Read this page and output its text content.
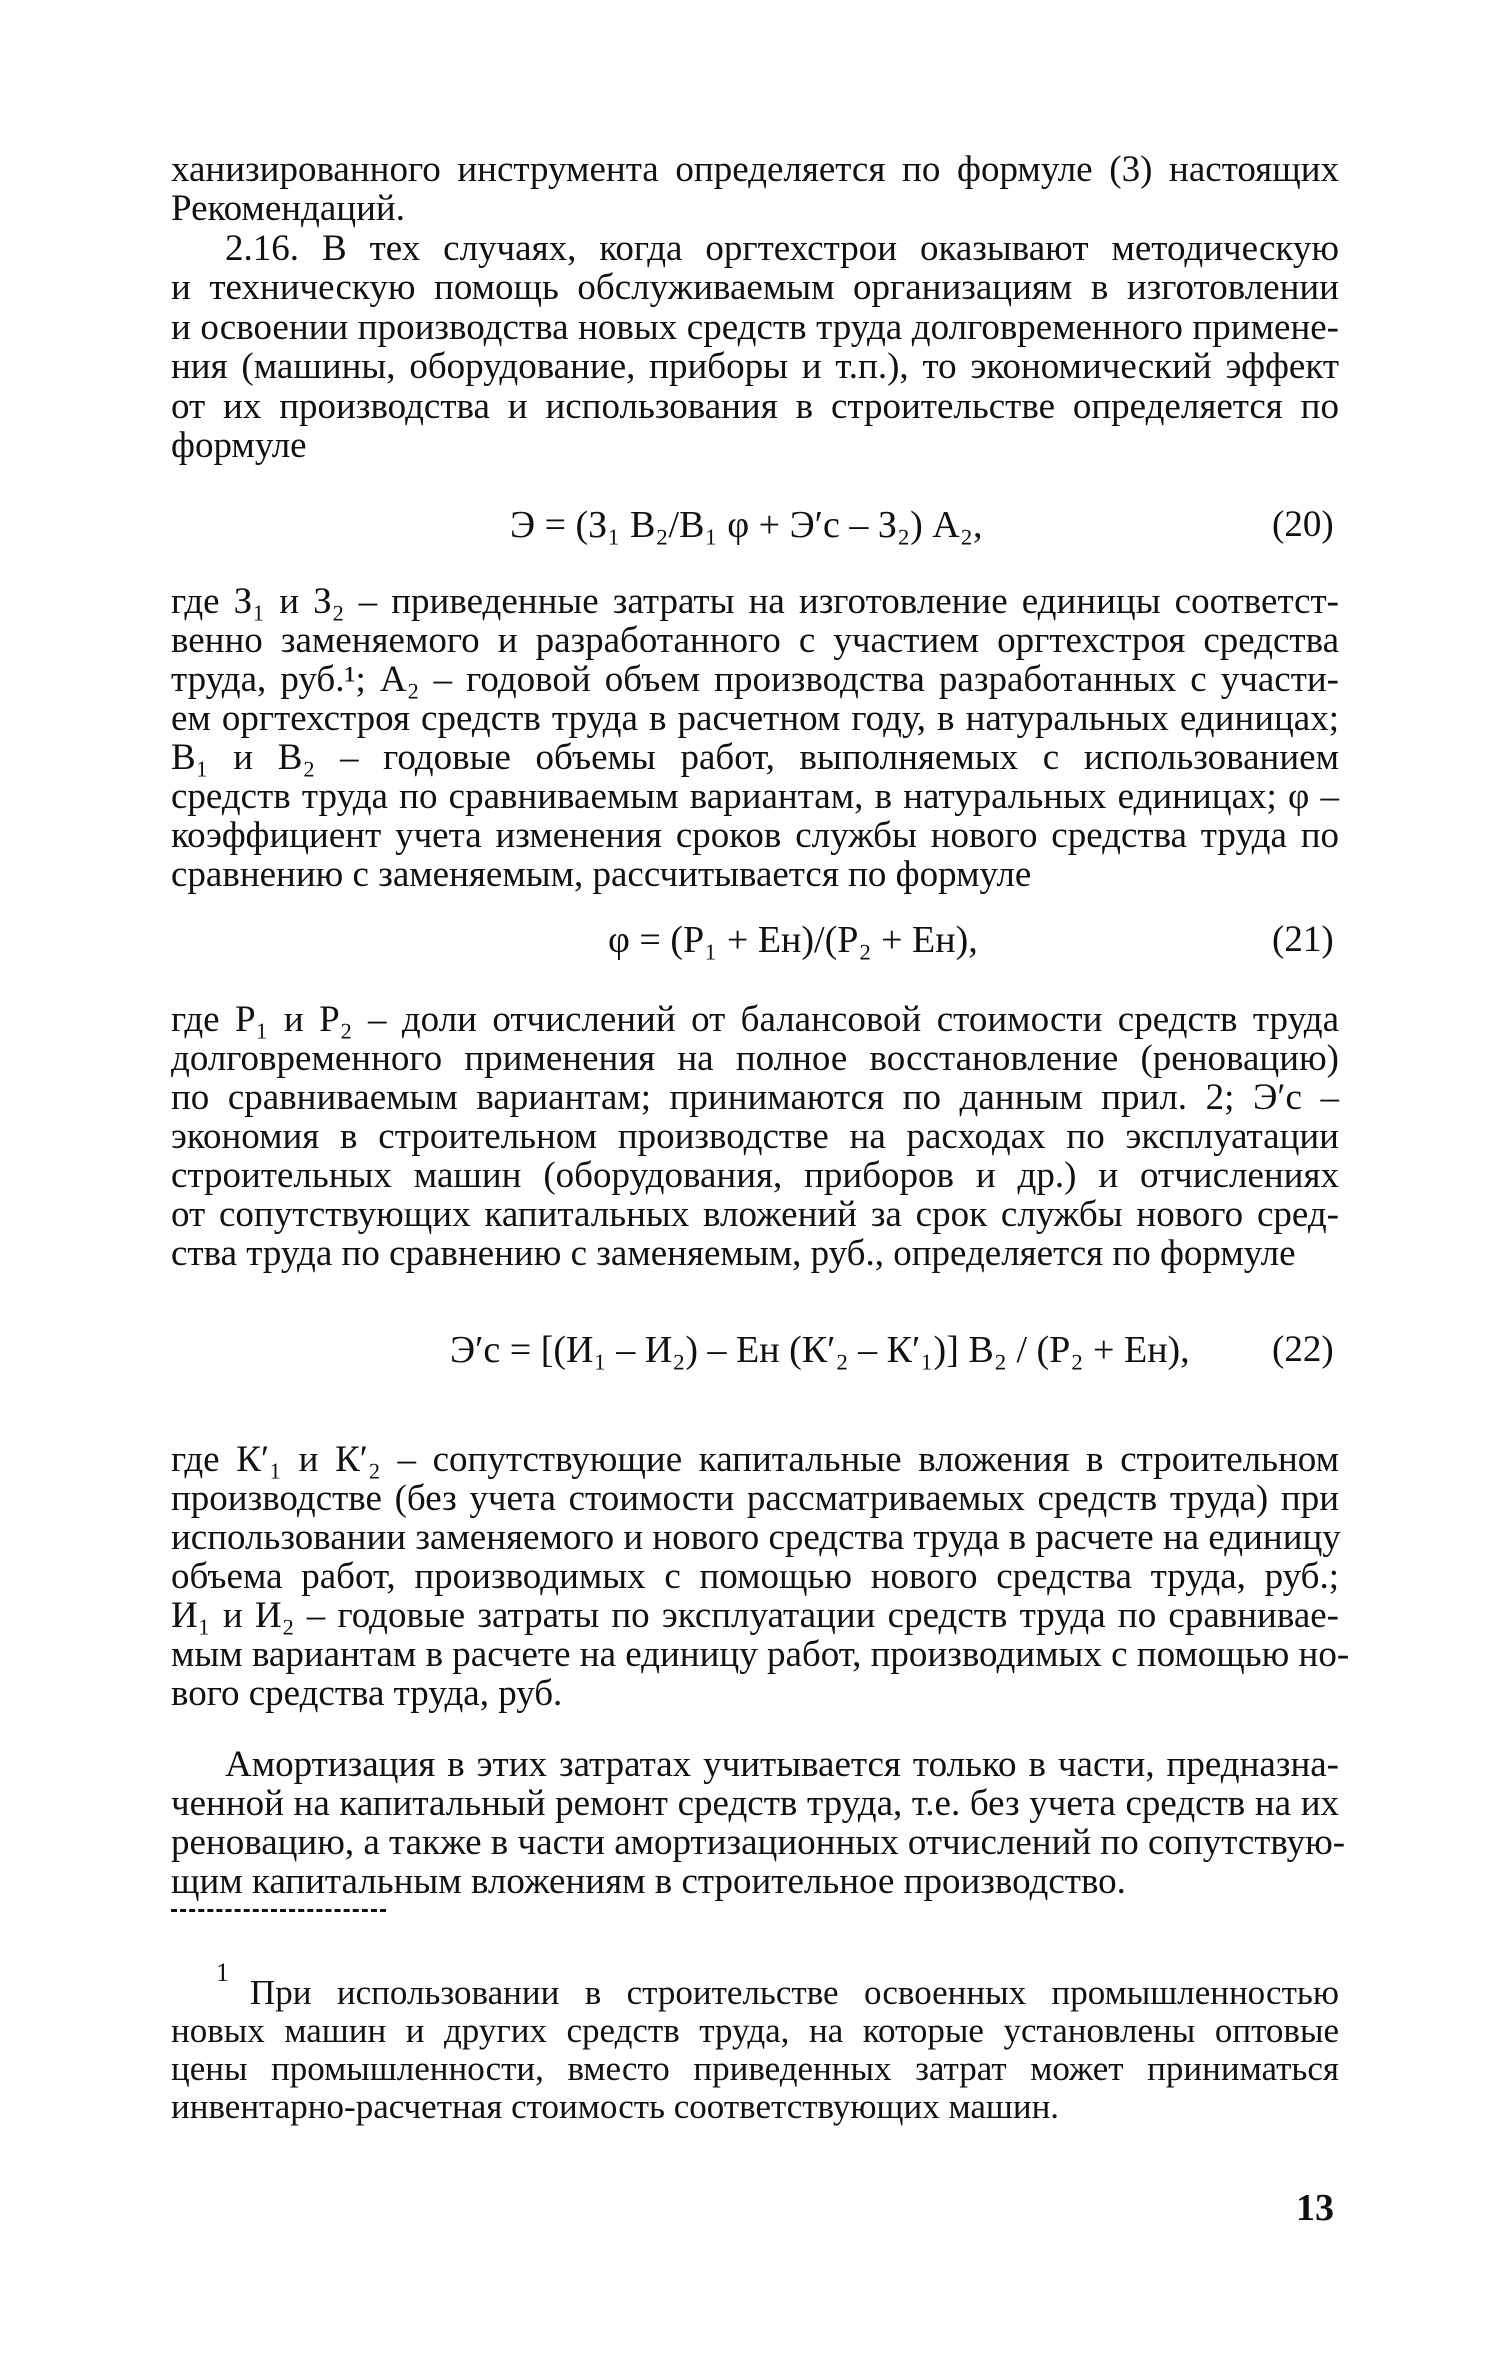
ханизированного инструмента определяется по формуле (3) настоящих
Рекомендаций.
2.16. В тех случаях, когда оргтехстрои оказывают методическую
и техническую помощь обслуживаемым организациям в изготовлении
и освоении производства новых средств труда долговременного примене-
ния (машины, оборудование, приборы и т.п.), то экономический эффект
от их производства и использования в строительстве определяется по
формуле
Э = (З₁ В₂/В₁ φ + Э′с – З₂) А₂,	(20)
где З₁ и З₂ – приведенные затраты на изготовление единицы соответст-
венно заменяемого и разработанного с участием оргтехстроя средства
труда, руб.¹; А₂ – годовой объем производства разработанных с участи-
ем оргтехстроя средств труда в расчетном году, в натуральных единицах;
В₁ и В₂ – годовые объемы работ, выполняемых с использованием
средств труда по сравниваемым вариантам, в натуральных единицах; φ –
коэффициент учета изменения сроков службы нового средства труда по
сравнению с заменяемым, рассчитывается по формуле
φ = (Р₁ + Ен)/(Р₂ + Ен),	(21)
где Р₁ и Р₂ – доли отчислений от балансовой стоимости средств труда
долговременного применения на полное восстановление (реновацию)
по сравниваемым вариантам; принимаются по данным прил. 2; Э′с –
экономия в строительном производстве на расходах по эксплуатации
строительных машин (оборудования, приборов и др.) и отчислениях
от сопутствующих капитальных вложений за срок службы нового сред-
ства труда по сравнению с заменяемым, руб., определяется по формуле
Э′с = [(И₁ – И₂) – Ен (К′₂ – К′₁)] В₂ / (Р₂ + Ен), (22)
где К′₁ и К′₂ – сопутствующие капитальные вложения в строительном
производстве (без учета стоимости рассматриваемых средств труда) при
использовании заменяемого и нового средства труда в расчете на единицу
объема работ, производимых с помощью нового средства труда, руб.;
И₁ и И₂ – годовые затраты по эксплуатации средств труда по сравнивае-
мым вариантам в расчете на единицу работ, производимых с помощью но-
вого средства труда, руб.
Амортизация в этих затратах учитывается только в части, предназна-
ченной на капитальный ремонт средств труда, т.е. без учета средств на их
реновацию, а также в части амортизационных отчислений по сопутствую-
щим капитальным вложениям в строительное производство.
1
При использовании в строительстве освоенных промышленностью
новых машин и других средств труда, на которые установлены оптовые
цены промышленности, вместо приведенных затрат может приниматься
инвентарно-расчетная стоимость соответствующих машин.
13
